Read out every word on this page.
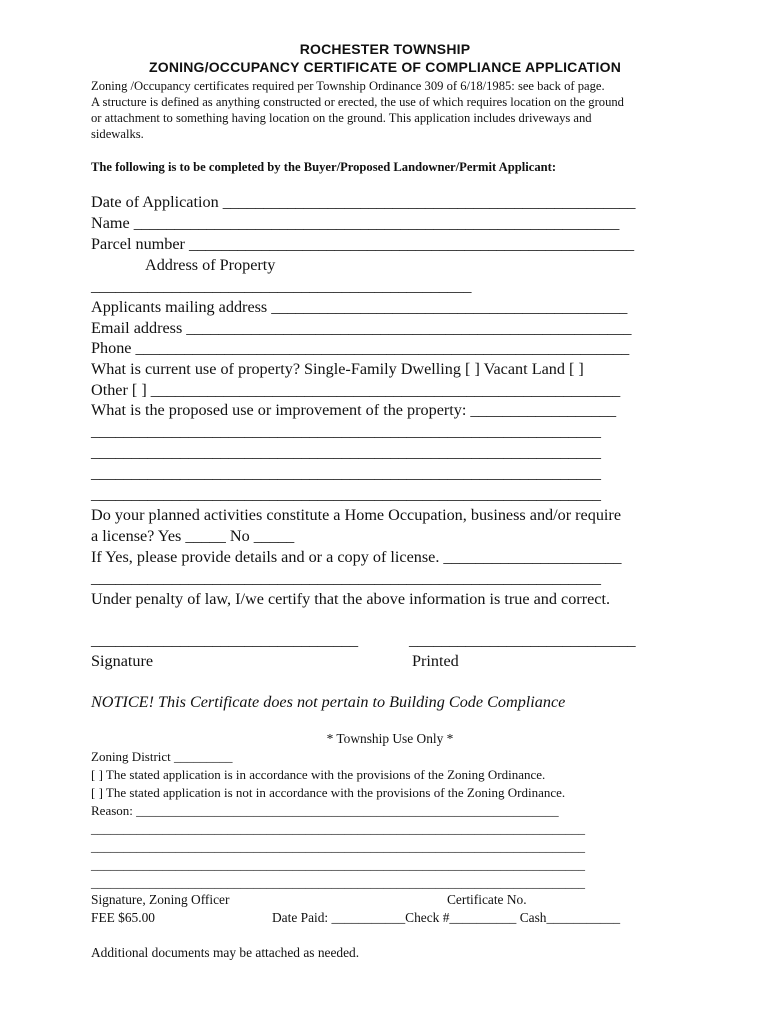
ROCHESTER TOWNSHIP
ZONING/OCCUPANCY CERTIFICATE OF COMPLIANCE APPLICATION
Zoning /Occupancy certificates required per Township Ordinance 309 of 6/18/1985: see back of page.
A structure is defined as anything constructed or erected, the use of which requires location on the ground
or attachment to something having location on the ground. This application includes driveways and
sidewalks.
The following is to be completed by the Buyer/Proposed Landowner/Permit Applicant:
Date of Application ___________________________________________________
Name ____________________________________________________________
Parcel number _______________________________________________________
Address of Property
_______________________________________________
Applicants mailing address ____________________________________________
Email address _______________________________________________________
Phone _____________________________________________________________
What is current use of property? Single-Family Dwelling [ ] Vacant Land [ ]
Other [ ] __________________________________________________________
What is the proposed use or improvement of the property: __________________
_______________________________________________________________
_______________________________________________________________
_______________________________________________________________
_______________________________________________________________
Do your planned activities constitute a Home Occupation, business and/or require
a license? Yes _____ No _____
If Yes, please provide details and or a copy of license. ______________________
_______________________________________________________________
Under penalty of law, I/we certify that the above information is true and correct.
_________________________________	____________________________
Signature	Printed
NOTICE! This Certificate does not pertain to Building Code Compliance
* Township Use Only *
Zoning District _________
[ ] The stated application is in accordance with the provisions of the Zoning Ordinance.
[ ] The stated application is not in accordance with the provisions of the Zoning Ordinance.
Reason: _________________________________________________________________
____________________________________________________________________________
____________________________________________________________________________
____________________________________________________________________________
____________________________________________________________________________
Signature, Zoning Officer	Certificate No.
FEE $65.00	Date Paid: ___________Check #__________ Cash___________
Additional documents may be attached as needed.
